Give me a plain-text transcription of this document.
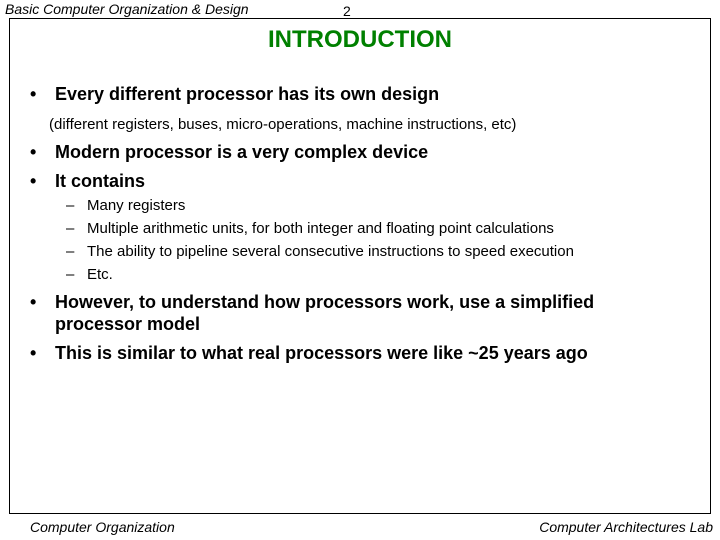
Basic Computer Organization & Design	2
INTRODUCTION
• Every different processor has its own design
(different registers, buses, micro-operations, machine instructions, etc)
• Modern processor is a very complex device
• It contains
– Many registers
– Multiple arithmetic units, for both integer and floating point calculations
– The ability to pipeline several consecutive instructions to speed execution
– Etc.
• However, to understand how processors work, use a simplified
processor model
• This is similar to what real processors were like ~25 years ago
Computer Organization	Computer Architectures Lab
